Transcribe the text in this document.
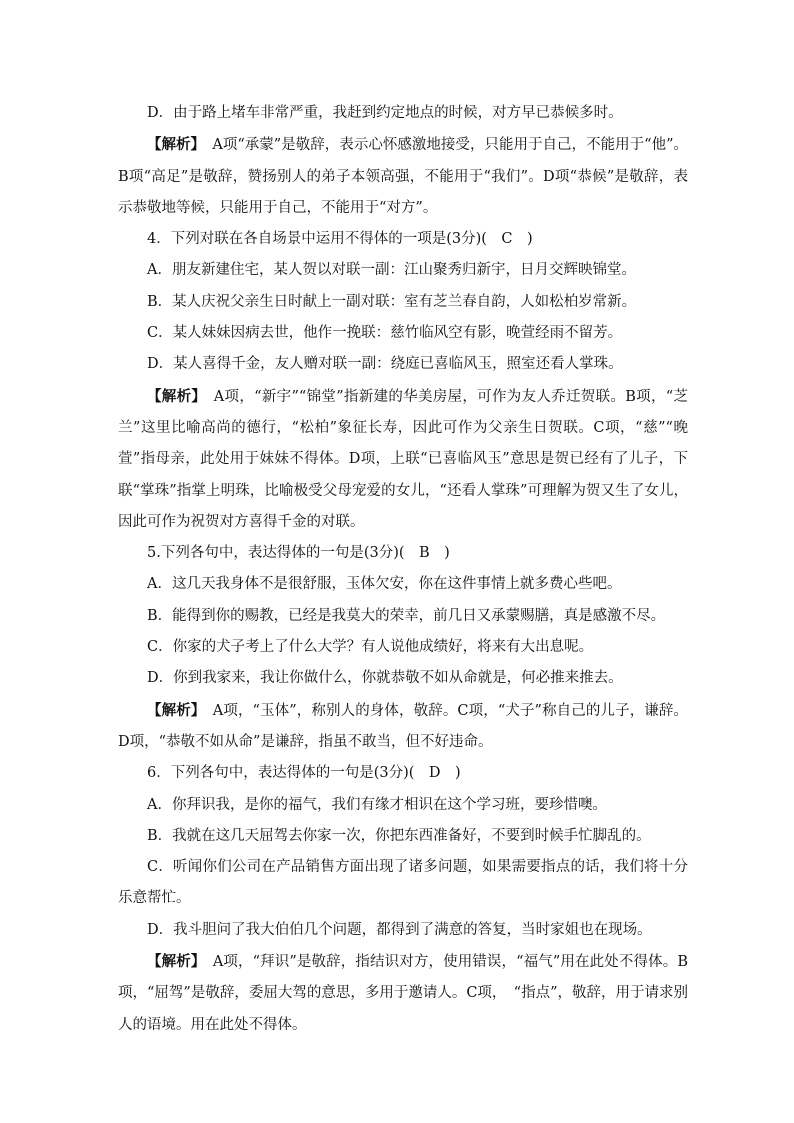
D．由于路上堵车非常严重，我赶到约定地点的时候，对方早已恭候多时。

【解析】　A项“承蒙”是敬辞，表示心怀感激地接受，只能用于自己，不能用于“他”。B项“高足”是敬辞，赞扬别人的弟子本领高强，不能用于“我们”。D项“恭候”是敬辞，表示恭敬地等候，只能用于自己，不能用于“对方”。

4．下列对联在各自场景中运用不得体的一项是(3分)(　C　)

A．朋友新建住宅，某人贺以对联一副：江山聚秀归新宇，日月交辉映锦堂。

B．某人庆祝父亲生日时献上一副对联：室有芝兰春自韵，人如松柏岁常新。

C．某人妹妹因病去世，他作一挽联：慈竹临风空有影，晚萱经雨不留芳。

D．某人喜得千金，友人赠对联一副：绕庭已喜临风玉，照室还看人掌珠。

【解析】　A项，“新宇”“锦堂”指新建的华美房屋，可作为友人乔迁贺联。B项，“芝兰”这里比喻高尚的德行，“松柏”象征长寿，因此可作为父亲生日贺联。C项，“慈”“晚萱”指母亲，此处用于妹妹不得体。D项，上联“已喜临风玉”意思是贺已经有了儿子，下联“掌珠”指掌上明珠，比喻极受父母宠爱的女儿，“还看人掌珠”可理解为贺又生了女儿，因此可作为祝贺对方喜得千金的对联。

5.下列各句中，表达得体的一句是(3分)(　B　)

A．这几天我身体不是很舒服，玉体欠安，你在这件事情上就多费心些吧。

B．能得到你的赐教，已经是我莫大的荣幸，前几日又承蒙赐膳，真是感激不尽。

C．你家的犬子考上了什么大学？有人说他成绩好，将来有大出息呢。

D．你到我家来，我让你做什么，你就恭敬不如从命就是，何必推来推去。

【解析】　A项，“玉体”，称别人的身体，敬辞。C项，“犬子”称自己的儿子，谦辞。D项，“恭敬不如从命”是谦辞，指虽不敢当，但不好违命。

6．下列各句中，表达得体的一句是(3分)(　D　)

A．你拜识我，是你的福气，我们有缘才相识在这个学习班，要珍惜噢。

B．我就在这几天屈驾去你家一次，你把东西准备好，不要到时候手忙脚乱的。

C．听闻你们公司在产品销售方面出现了诸多问题，如果需要指点的话，我们将十分乐意帮忙。

D．我斗胆问了我大伯伯几个问题，都得到了满意的答复，当时家姐也在现场。

【解析】　A项，“拜识”是敬辞，指结识对方，使用错误，“福气”用在此处不得体。B项，“屈驾”是敬辞，委屈大驾的意思，多用于邀请人。C项，　“指点”，敬辞，用于请求别人的语境。用在此处不得体。
